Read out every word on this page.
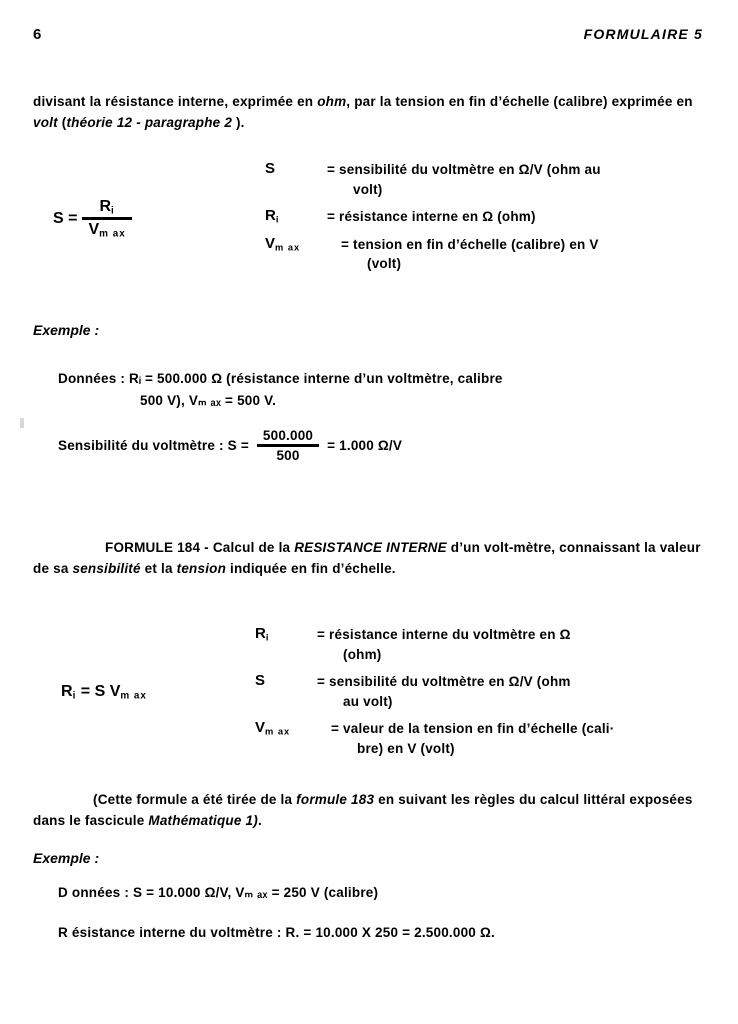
6	FORMULAIRE 5
divisant la résistance interne, exprimée en ohm, par la tension en fin d’échelle (calibre) exprimée en volt (théorie 12 - paragraphe 2 ).
$S = \frac{R_i}{V_{m ax}}$
S	= sensibilité du voltmètre en Ω/V (ohm au
volt)
$R_i$	= résistance interne en Ω (ohm)
$V_{m ax}$	= tension en fin d’échelle (calibre) en V
(volt)
Exemple :
Données : Rᵢ = 500.000 Ω (résistance interne d’un voltmètre, calibre
500 V), Vₘ ₐₓ = 500 V.
Sensibilité du voltmètre : $S = \frac{500.000}{500} = 1.000$ Ω/V
FORMULE 184 - Calcul de la RESISTANCE INTERNE d’un volt-mètre, connaissant la valeur de sa sensibilité et la tension indiquée en fin d’échelle.
$R_i = S$ $V_{m ax}$
$R_i$	= résistance interne du voltmètre en Ω
(ohm)
S	= sensibilité du voltmètre en Ω/V (ohm
au volt)
$V_{m ax}$	= valeur de la tension en fin d’échelle (cali·
bre) en V (volt)
(Cette formule a été tirée de la formule 183 en suivant les règles du calcul littéral exposées dans le fascicule Mathématique 1).
Exemple :
D onnées : S = 10.000 Ω/V, Vₘ ₐₓ = 250 V (calibre)
R ésistance interne du voltmètre : R. = 10.000 X 250 = 2.500.000 Ω.
